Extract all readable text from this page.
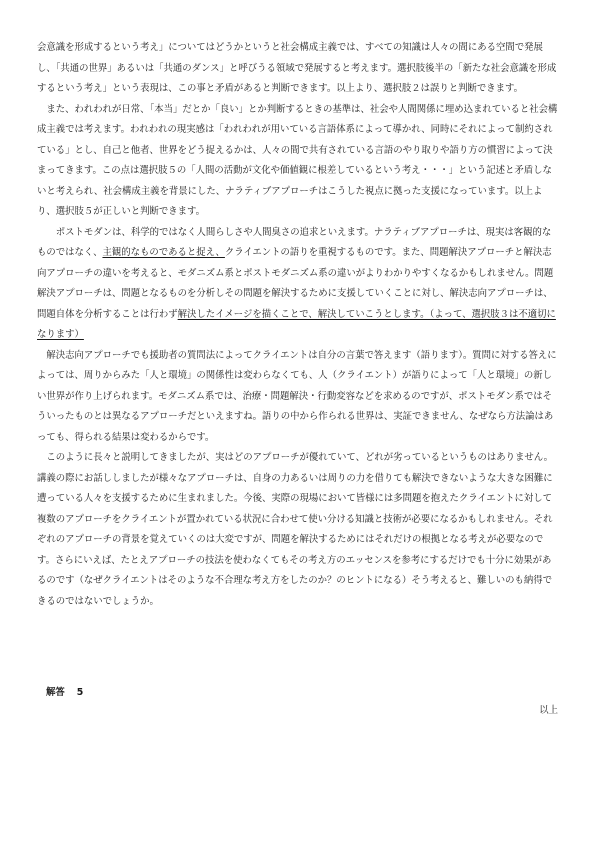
会意識を形成するという考え」についてはどうかというと社会構成主義では、すべての知識は人々の間にある空間で発展し、「共通の世界」あるいは「共通のダンス」と呼びうる領域で発展すると考えます。選択肢後半の「新たな社会意識を形成するという考え」という表現は、この事と矛盾があると判断できます。以上より、選択肢２は誤りと判断できます。

また、われわれが日常、「本当」だとか「良い」とか判断するときの基準は、社会や人間関係に埋め込まれていると社会構成主義では考えます。われわれの現実感は「われわれが用いている言語体系によって導かれ、同時にそれによって制約されている」とし、自己と他者、世界をどう捉えるかは、人々の間で共有されている言語のやり取りや語り方の慣習によって決まってきます。この点は選択肢５の「人間の活動が文化や価値観に根差しているという考え・・・」という記述と矛盾しないと考えられ、社会構成主義を背景にした、ナラティブアプローチはこうした視点に拠った支援になっています。以上より、選択肢５が正しいと判断できます。

ポストモダンは、科学的ではなく人間らしさや人間臭さの追求といえます。ナラティブアプローチは、現実は客観的なものではなく、主観的なものであると捉え、クライエントの語りを重視するものです。また、問題解決アプローチと解決志向アプローチの違いを考えると、モダニズム系とポストモダニズム系の違いがよりわかりやすくなるかもしれません。問題解決アプローチは、問題となるものを分析しその問題を解決するために支援していくことに対し、解決志向アプローチは、問題自体を分析することは行わず解決したイメージを描くことで、解決していこうとします。（よって、選択肢３は不適切になります）

解決志向アプローチでも援助者の質問法によってクライエントは自分の言葉で答えます（語ります）。質問に対する答えによっては、周りからみた「人と環境」の関係性は変わらなくても、人（クライエント）が語りによって「人と環境」の新しい世界が作り上げられます。モダニズム系では、治療・問題解決・行動変容などを求めるのですが、ポストモダン系ではそういったものとは異なるアプローチだといえますね。語りの中から作られる世界は、実証できません、なぜなら方法論はあっても、得られる結果は変わるからです。

このように長々と説明してきましたが、実はどのアプローチが優れていて、どれが劣っているというものはありません。講義の際にお話ししましたが様々なアプローチは、自身の力あるいは周りの力を借りても解決できないような大きな困難に遭っている人々を支援するために生まれました。今後、実際の現場において皆様には多問題を抱えたクライエントに対して複数のアプローチをクライエントが置かれている状況に合わせて使い分ける知識と技術が必要になるかもしれません。それぞれのアプローチの背景を覚えていくのは大変ですが、問題を解決するためにはそれだけの根拠となる考えが必要なのです。さらにいえば、たとえアプローチの技法を使わなくてもその考え方のエッセンスを参考にするだけでも十分に効果があるのです（なぜクライエントはそのような不合理な考え方をしたのか？のヒントになる）そう考えると、難しいのも納得できるのではないでしょうか。

解答 5
以上
